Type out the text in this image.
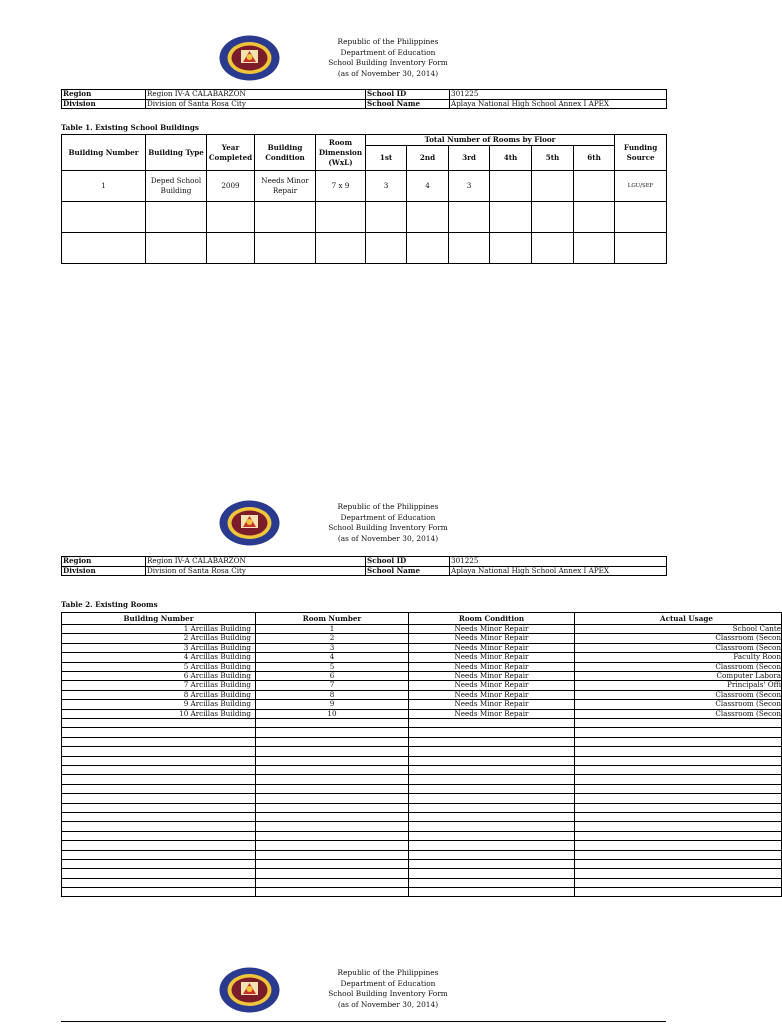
Republic of the Philippines
Department of Education
School Building Inventory Form
(as of November 30, 2014)
Region	Region IV-A CALABARZON	School ID	301225
Division	Division of Santa Rosa City	School Name	Aplaya National High School Annex I APEX
Table 1. Existing School Buildings
Building Number	Building Type	Year Completed	Building Condition	Room Dimension (WxL)	Total Number of Rooms by Floor						Funding Source
					1st	2nd	3rd	4th	5th	6th	
1	Deped School Building	2009	Needs Minor Repair	7 x 9	3	4	3				LGU/SEF

Republic of the Philippines
Department of Education
School Building Inventory Form
(as of November 30, 2014)
Region	Region IV-A CALABARZON	School ID	301225
Division	Division of Santa Rosa City	School Name	Aplaya National High School Annex I APEX
Table 2. Existing Rooms
Building Number	Room Number	Room Condition	Actual Usage
1 Arcillas Building	1	Needs Minor Repair	School Cante
2 Arcillas Building	2	Needs Minor Repair	Classroom (Secon
3 Arcillas Building	3	Needs Minor Repair	Classroom (Secon
4 Arcillas Building	4	Needs Minor Repair	Faculty Roon
5 Arcillas Building	5	Needs Minor Repair	Classroom (Secon
6 Arcillas Building	6	Needs Minor Repair	Computer Labora
7 Arcillas Building	7	Needs Minor Repair	Principals' Offi
8 Arcillas Building	8	Needs Minor Repair	Classroom (Secon
9 Arcillas Building	9	Needs Minor Repair	Classroom (Secon
10 Arcillas Building	10	Needs Minor Repair	Classroom (Secon

Republic of the Philippines
Department of Education
School Building Inventory Form
(as of November 30, 2014)
